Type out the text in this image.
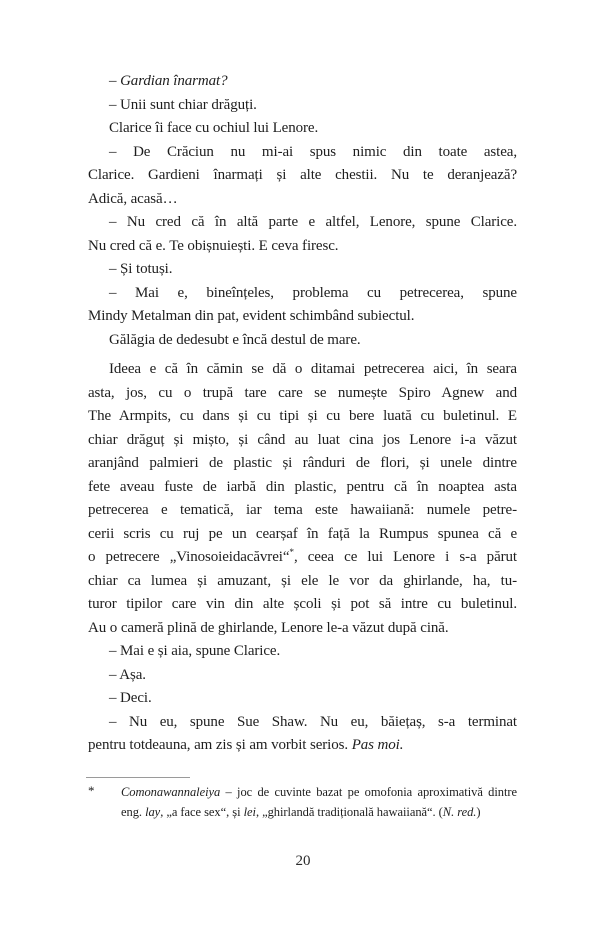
– Gardian înarmat?
– Unii sunt chiar drăguți.
Clarice îi face cu ochiul lui Lenore.
– De Crăciun nu mi-ai spus nimic din toate astea,
Clarice. Gardieni înarmați și alte chestii. Nu te deranjează?
Adică, acasă…
– Nu cred că în altă parte e altfel, Lenore, spune Clarice.
Nu cred că e. Te obișnuiești. E ceva firesc.
– Și totuși.
– Mai e, bineînțeles, problema cu petrecerea, spune
Mindy Metalman din pat, evident schimbând subiectul.
Gălăgia de dedesubt e încă destul de mare.
Ideea e că în cămin se dă o ditamai petrecerea aici, în seara
asta, jos, cu o trupă tare care se numește Spiro Agnew and
The Armpits, cu dans și cu tipi și cu bere luată cu buletinul. E
chiar drăguț și mișto, și când au luat cina jos Lenore i-a văzut
aranjând palmieri de plastic și rânduri de flori, și unele dintre
fete aveau fuste de iarbă din plastic, pentru că în noaptea asta
petrecerea e tematică, iar tema este hawaiiană: numele petre-
cerii scris cu ruj pe un cearșaf în față la Rumpus spunea că e
o petrecere „Vinosoieidacăvrei“*, ceea ce lui Lenore i s-a părut
chiar ca lumea și amuzant, și ele le vor da ghirlande, ha, tu-
turor tipilor care vin din alte școli și pot să intre cu buletinul.
Au o cameră plină de ghirlande, Lenore le-a văzut după cină.
– Mai e și aia, spune Clarice.
– Așa.
– Deci.
– Nu eu, spune Sue Shaw. Nu eu, băiețaș, s-a terminat
pentru totdeauna, am zis și am vorbit serios. Pas moi.
* Comonawannaleiya – joc de cuvinte bazat pe omofonia aproximativă dintre
eng. lay, „a face sex“, și lei, „ghirlandă tradițională hawaiiană“. (N. red.)
20
